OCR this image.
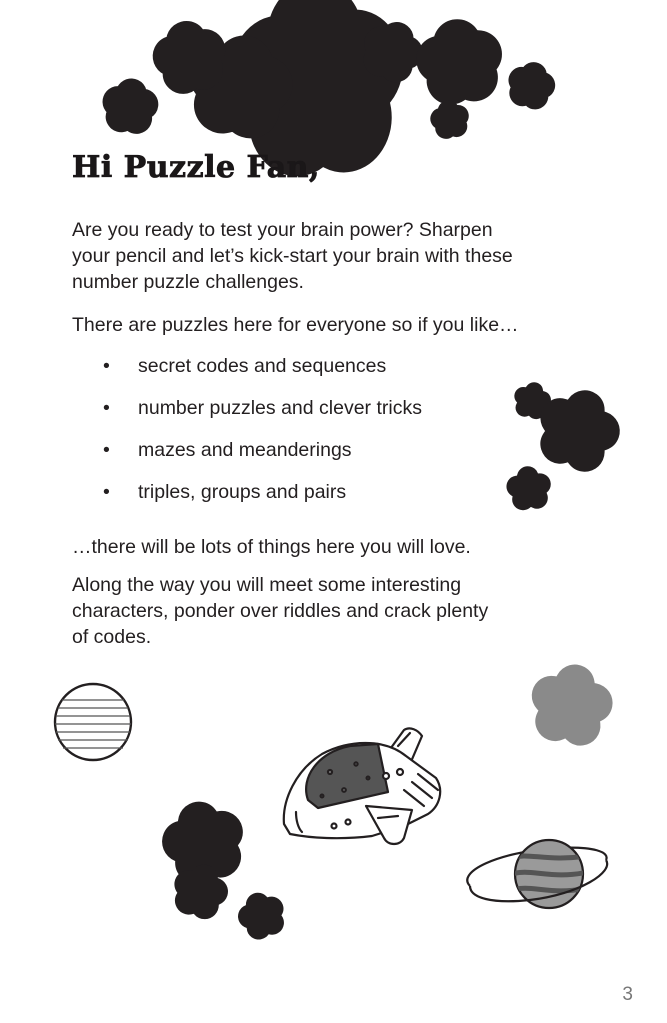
Hi Puzzle Fan,

Are you ready to test your brain power? Sharpen
your pencil and let’s kick-start your brain with these
number puzzle challenges.

There are puzzles here for everyone so if you like…

• secret codes and sequences
• number puzzles and clever tricks
• mazes and meanderings
• triples, groups and pairs

…there will be lots of things here you will love.

Along the way you will meet some interesting
characters, ponder over riddles and crack plenty
of codes.

3
